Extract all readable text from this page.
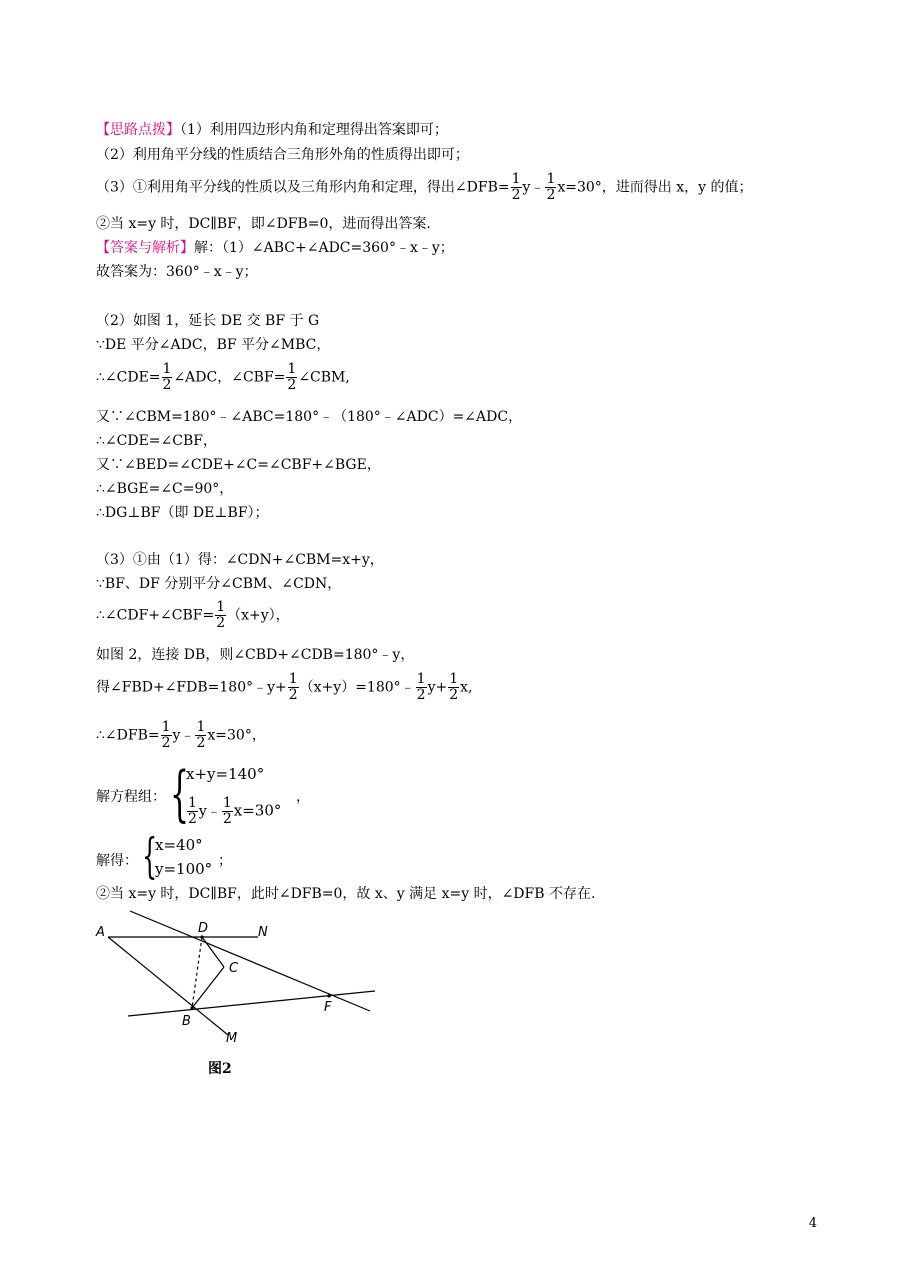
【思路点拨】（1）利用四边形内角和定理得出答案即可；
（2）利用角平分线的性质结合三角形外角的性质得出即可；
（3）①利用角平分线的性质以及三角形内角和定理，得出∠DFB= $\frac{1}{2}$ y﹣ $\frac{1}{2} x=30^\circ$，进而得出 x，y 的值；
②当 x=y 时，DC∥BF，即∠DFB=0，进而得出答案.
【答案与解析】解：（1）∠ABC+∠ADC=360°﹣x﹣y；
故答案为：360°﹣x﹣y；
（2）如图 1，延长 DE 交 BF 于 G
∵DE 平分∠ADC，BF 平分∠MBC，
∴∠CDE= $\frac{1}{2}$ ∠ADC，∠CBF= $\frac{1}{2}$ ∠CBM,
又∵∠CBM=180°﹣∠ABC=180°﹣（180°﹣∠ADC）=∠ADC，
∴∠CDE=∠CBF，
又∵∠BED=∠CDE+∠C=∠CBF+∠BGE，
∴∠BGE=∠C=90°，
∴DG⊥BF（即 DE⊥BF）；
（3）①由（1）得：∠CDN+∠CBM=x+y，
∵BF、DF 分别平分∠CBM、∠CDN，
∴∠CDF+∠CBF= $\frac{1}{2} (x+y)$，
如图 2，连接 DB，则∠CBD+∠CDB=180°﹣y，
得∠FBD+∠FDB=180°﹣y+ $\frac{1}{2}$ （x+y）=180°﹣ $\frac{1}{2} y+ \frac{1}{2} x$,
∴∠DFB= $\frac{1}{2}$ y﹣ $\frac{1}{2} x=30^\circ$，
解方程组： {
x+y=140°
$\frac{1}{2}$ y﹣ $\frac{1}{2} x=30^\circ$
，
解得： {
x=40°
y=100° ；
②当 x=y 时，DC∥BF，此时∠DFB=0，故 x、y 满足 x=y 时，∠DFB 不存在.
A	D	N
C
B
F
M
图2
4
